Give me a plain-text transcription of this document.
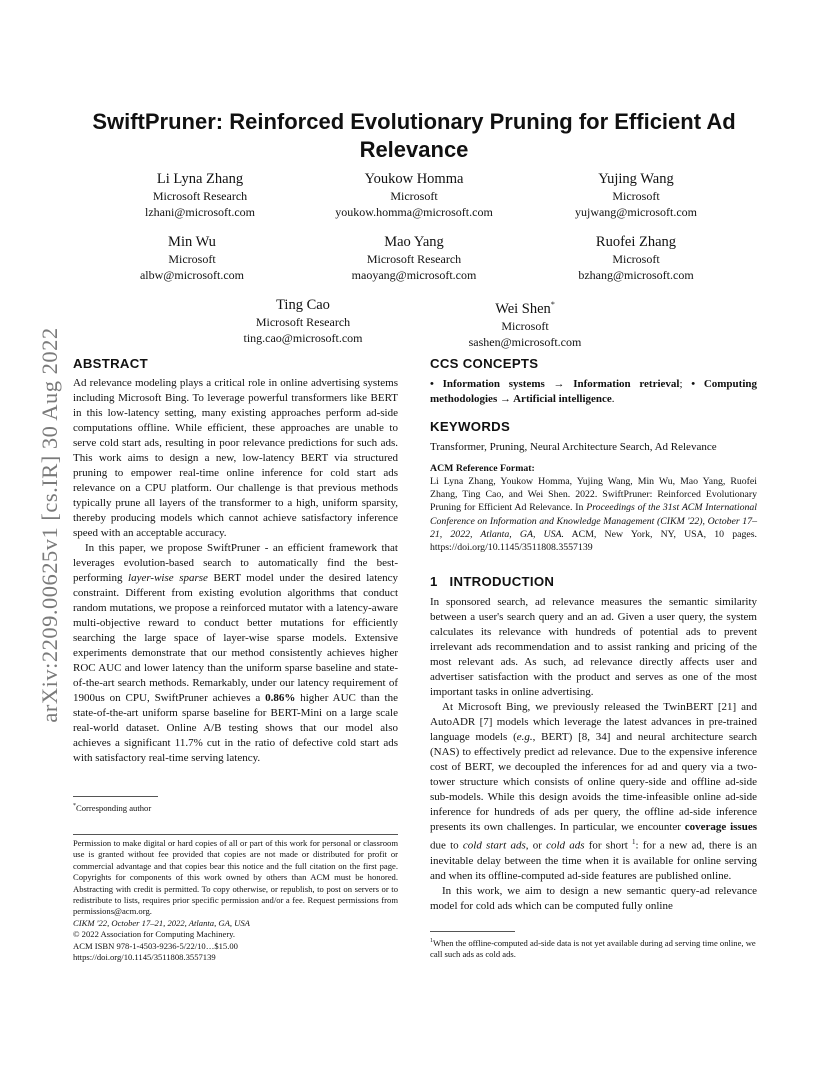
arXiv:2209.00625v1 [cs.IR] 30 Aug 2022
SwiftPruner: Reinforced Evolutionary Pruning for Efficient Ad Relevance
Li Lyna Zhang
Microsoft Research
lzhani@microsoft.com
Youkow Homma
Microsoft
youkow.homma@microsoft.com
Yujing Wang
Microsoft
yujwang@microsoft.com
Min Wu
Microsoft
albw@microsoft.com
Mao Yang
Microsoft Research
maoyang@microsoft.com
Ruofei Zhang
Microsoft
bzhang@microsoft.com
Ting Cao
Microsoft Research
ting.cao@microsoft.com
Wei Shen*
Microsoft
sashen@microsoft.com
ABSTRACT

Ad relevance modeling plays a critical role in online advertising systems including Microsoft Bing. To leverage powerful transformers like BERT in this low-latency setting, many existing approaches perform ad-side computations offline. While efficient, these approaches are unable to serve cold start ads, resulting in poor relevance predictions for such ads. This work aims to design a new, low-latency BERT via structured pruning to empower real-time online inference for cold start ads relevance on a CPU platform. Our challenge is that previous methods typically prune all layers of the transformer to a high, uniform sparsity, thereby producing models which cannot achieve satisfactory inference speed with an acceptable accuracy.

In this paper, we propose SwiftPruner - an efficient framework that leverages evolution-based search to automatically find the best-performing layer-wise sparse BERT model under the desired latency constraint. Different from existing evolution algorithms that conduct random mutations, we propose a reinforced mutator with a latency-aware multi-objective reward to conduct better mutations for efficiently searching the large space of layer-wise sparse models. Extensive experiments demonstrate that our method consistently achieves higher ROC AUC and lower latency than the uniform sparse baseline and state-of-the-art search methods. Remarkably, under our latency requirement of 1900us on CPU, SwiftPruner achieves a 0.86% higher AUC than the state-of-the-art uniform sparse baseline for BERT-Mini on a large scale real-world dataset. Online A/B testing shows that our model also achieves a significant 11.7% cut in the ratio of defective cold start ads with satisfactory real-time serving latency.

*Corresponding author
Permission to make digital or hard copies of all or part of this work for personal or classroom use is granted without fee provided that copies are not made or distributed for profit or commercial advantage and that copies bear this notice and the full citation on the first page. Copyrights for components of this work owned by others than ACM must be honored. Abstracting with credit is permitted. To copy otherwise, or republish, to post on servers or to redistribute to lists, requires prior specific permission and/or a fee. Request permissions from permissions@acm.org.
CIKM '22, October 17–21, 2022, Atlanta, GA, USA
© 2022 Association for Computing Machinery.
ACM ISBN 978-1-4503-9236-5/22/10…$15.00
https://doi.org/10.1145/3511808.3557139
CCS CONCEPTS

• Information systems → Information retrieval; • Computing methodologies → Artificial intelligence.

KEYWORDS

Transformer, Pruning, Neural Architecture Search, Ad Relevance

ACM Reference Format:

Li Lyna Zhang, Youkow Homma, Yujing Wang, Min Wu, Mao Yang, Ruofei Zhang, Ting Cao, and Wei Shen. 2022. SwiftPruner: Reinforced Evolutionary Pruning for Efficient Ad Relevance. In Proceedings of the 31st ACM International Conference on Information and Knowledge Management (CIKM '22), October 17–21, 2022, Atlanta, GA, USA. ACM, New York, NY, USA, 10 pages. https://doi.org/10.1145/3511808.3557139

1   INTRODUCTION

In sponsored search, ad relevance measures the semantic similarity between a user's search query and an ad. Given a user query, the system calculates its relevance with hundreds of potential ads to prevent irrelevant ads recommendation and to assist ranking and pricing of the most relevant ads. As such, ad relevance directly affects user and advertiser satisfaction with the product and serves as one of the most important tasks in online advertising.

At Microsoft Bing, we previously released the TwinBERT [21] and AutoADR [7] models which leverage the latest advances in pre-trained language models (e.g., BERT) [8, 34] and neural architecture search (NAS) to effectively predict ad relevance. Due to the expensive inference cost of BERT, we decoupled the inferences for ad and query via a two-tower structure which consists of online query-side and offline ad-side sub-models. While this design avoids the time-infeasible online ad-side inference for hundreds of ads per query, the offline ad-side inference presents its own challenges. In particular, we encounter coverage issues due to cold start ads, or cold ads for short $^1$: for a new ad, there is an inevitable delay between the time when it is available for online serving and when its offline-computed ad-side features are published online.

In this work, we aim to design a new semantic query-ad relevance model for cold ads which can be computed fully online

$^1$When the offline-computed ad-side data is not yet available during ad serving time online, we call such ads as cold ads.
